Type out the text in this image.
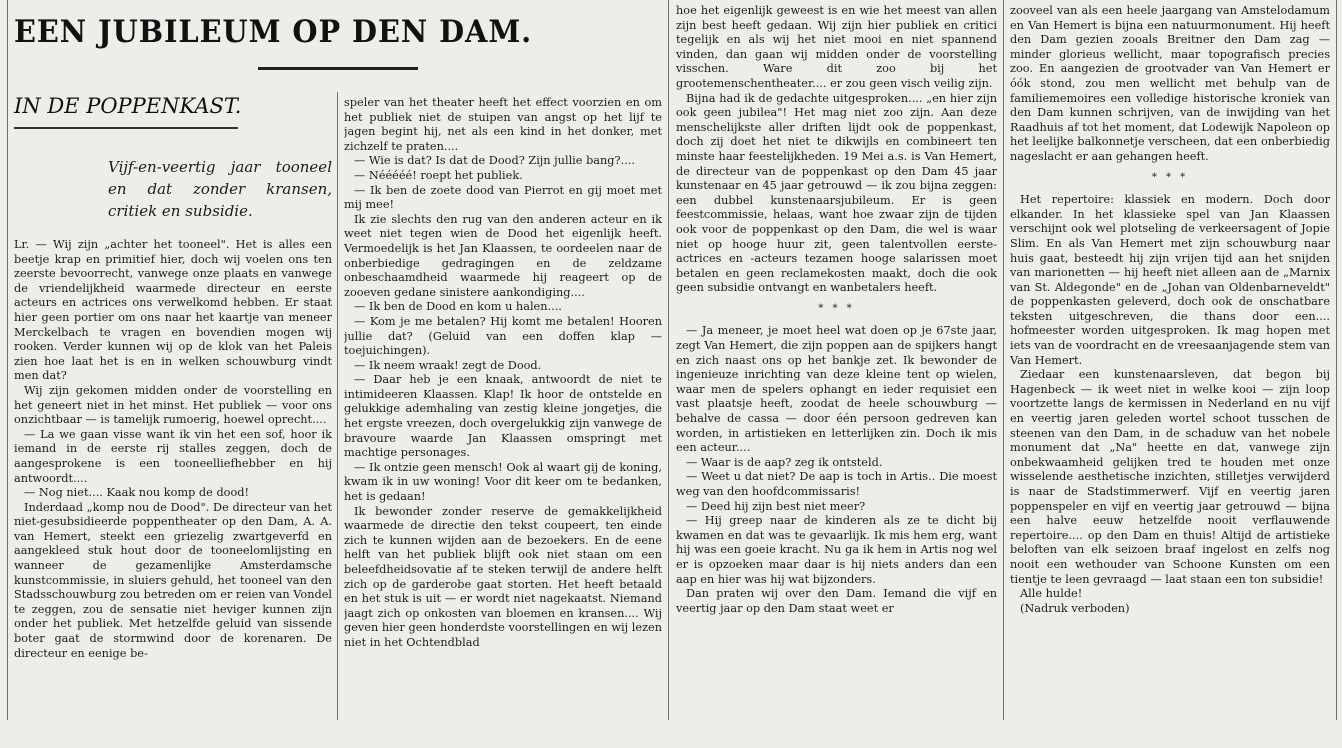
EEN JUBILEUM OP DEN DAM.
IN DE POPPENKAST.
Vijf-en-veertig jaar tooneel en dat zonder kransen, critiek en subsidie.

Lr. — Wij zijn „achter het tooneel". Het is alles een beetje krap en primitief hier, doch wij voelen ons ten zeerste bevoorrecht, vanwege onze plaats en vanwege de vriendelijkheid waarmede directeur en eerste acteurs en actrices ons verwelkomd hebben. Er staat hier geen portier om ons naar het kaartje van meneer Merckelbach te vragen en bovendien mogen wij rooken. Verder kunnen wij op de klok van het Paleis zien hoe laat het is en in welken schouwburg vindt men dat?

Wij zijn gekomen midden onder de voorstelling en het geneert niet in het minst. Het publiek — voor ons onzichtbaar — is tamelijk rumoerig, hoewel oprecht....

— La we gaan visse want ik vin het een sof, hoor ik iemand in de eerste rij stalles zeggen, doch de aangesprokene is een tooneelliefhebber en hij antwoordt....

— Nog niet.... Kaak nou komp de dood!

Inderdaad „komp nou de Dood". De directeur van het niet-gesubsidieerde poppentheater op den Dam, A. A. van Hemert, steekt een griezelig zwartgeverfd en aangekleed stuk hout door de tooneelomlijsting en wanneer de gezamenlijke Amsterdamsche kunstcommissie, in sluiers gehuld, het tooneel van den Stadsschouwburg zou betreden om er reien van Vondel te zeggen, zou de sensatie niet heviger kunnen zijn onder het publiek. Met hetzelfde geluid van sissende boter gaat de stormwind door de korenaren. De directeur en eenige be-

speler van het theater heeft het effect voorzien en om het publiek niet de stuipen van angst op het lijf te jagen begint hij, net als een kind in het donker, met zichzelf te praten....

— Wie is dat? Is dat de Dood? Zijn jullie bang?....

— Nééééé! roept het publiek.

— Ik ben de zoete dood van Pierrot en gij moet met mij mee!

Ik zie slechts den rug van den anderen acteur en ik weet niet tegen wien de Dood het eigenlijk heeft. Vermoedelijk is het Jan Klaassen, te oordeelen naar de onberbiedige gedragingen en de zeldzame onbeschaamdheid waarmede hij reageert op de zooeven gedane sinistere aankondiging....

— Ik ben de Dood en kom u halen....

— Kom je me betalen? Hij komt me betalen! Hooren jullie dat? (Geluid van een doffen klap — toejuichingen).

— Ik neem wraak! zegt de Dood.

— Daar heb je een knaak, antwoordt de niet te intimideeren Klaassen. Klap! Ik hoor de ontstelde en gelukkige ademhaling van zestig kleine jongetjes, die het ergste vreezen, doch overgelukkig zijn vanwege de bravoure waarde Jan Klaassen omspringt met machtige personages.

— Ik ontzie geen mensch! Ook al waart gij de koning, kwam ik in uw woning! Voor dit keer om te bedanken, het is gedaan!

Ik bewonder zonder reserve de gemakkelijkheid waarmede de directie den tekst coupeert, ten einde zich te kunnen wijden aan de bezoekers. En de eene helft van het publiek blijft ook niet staan om een beleefdheidsovatie af te steken terwijl de andere helft zich op de garderobe gaat storten. Het heeft betaald en het stuk is uit — er wordt niet nagekaatst. Niemand jaagt zich op onkosten van bloemen en kransen.... Wij geven hier geen honderdste voorstellingen en wij lezen niet in het Ochtendblad

hoe het eigenlijk geweest is en wie het meest van allen zijn best heeft gedaan. Wij zijn hier publiek en critici tegelijk en als wij het niet mooi en niet spannend vinden, dan gaan wij midden onder de voorstelling visschen. Ware dit zoo bij het grootemenschentheater.... er zou geen visch veilig zijn.

Bijna had ik de gedachte uitgesproken.... „en hier zijn ook geen jubilea"! Het mag niet zoo zijn. Aan deze menschelijkste aller driften lijdt ook de poppenkast, doch zij doet het niet te dikwijls en combineert ten minste haar feestelijkheden. 19 Mei a.s. is Van Hemert, de directeur van de poppenkast op den Dam 45 jaar kunstenaar en 45 jaar getrouwd — ik zou bijna zeggen: een dubbel kunstenaarsjubileum. Er is geen feestcommissie, helaas, want hoe zwaar zijn de tijden ook voor de poppenkast op den Dam, die wel is waar niet op hooge huur zit, geen talentvollen eerste-actrices en -acteurs tezamen hooge salarissen moet betalen en geen reclamekosten maakt, doch die ook geen subsidie ontvangt en wanbetalers heeft.

* * *

— Ja meneer, je moet heel wat doen op je 67ste jaar, zegt Van Hemert, die zijn poppen aan de spijkers hangt en zich naast ons op het bankje zet. Ik bewonder de ingenieuze inrichting van deze kleine tent op wielen, waar men de spelers ophangt en ieder requisiet een vast plaatsje heeft, zoodat de heele schouwburg — behalve de cassa — door één persoon gedreven kan worden, in artistieken en letterlijken zin. Doch ik mis een acteur....

— Waar is de aap? zeg ik ontsteld.

— Weet u dat niet? De aap is toch in Artis.. Die moest weg van den hoofdcommissaris!

— Deed hij zijn best niet meer?

— Hij greep naar de kinderen als ze te dicht bij kwamen en dat was te gevaarlijk. Ik mis hem erg, want hij was een goeie kracht. Nu ga ik hem in Artis nog wel er is opzoeken maar daar is hij niets anders dan een aap en hier was hij wat bijzonders.

Dan praten wij over den Dam. Iemand die vijf en veertig jaar op den Dam staat weet er

zooveel van als een heele jaargang van Amstelodamum en Van Hemert is bijna een natuurmonument. Hij heeft den Dam gezien zooals Breitner den Dam zag — minder glorieus wellicht, maar topografisch precies zoo. En aangezien de grootvader van Van Hemert er óók stond, zou men wellicht met behulp van de familiememoires een volledige historische kroniek van den Dam kunnen schrijven, van de inwijding van het Raadhuis af tot het moment, dat Lodewijk Napoleon op het leelijke balkonnetje verscheen, dat een onberbiedig nageslacht er aan gehangen heeft.

* * *

Het repertoire: klassiek en modern. Doch door elkander. In het klassieke spel van Jan Klaassen verschijnt ook wel plotseling de verkeersagent of Jopie Slim. En als Van Hemert met zijn schouwburg naar huis gaat, besteedt hij zijn vrijen tijd aan het snijden van marionetten — hij heeft niet alleen aan de „Marnix van St. Aldegonde" en de „Johan van Oldenbarneveldt" de poppenkasten geleverd, doch ook de onschatbare teksten uitgeschreven, die thans door een.... hofmeester worden uitgesproken. Ik mag hopen met iets van de voordracht en de vreesaanjagende stem van Van Hemert.

Ziedaar een kunstenaarsleven, dat begon bij Hagenbeck — ik weet niet in welke kooi — zijn loop voortzette langs de kermissen in Nederland en nu vijf en veertig jaren geleden wortel schoot tusschen de steenen van den Dam, in de schaduw van het nobele monument dat „Na" heette en dat, vanwege zijn onbekwaamheid gelijken tred te houden met onze wisselende aesthetische inzichten, stilletjes verwijderd is naar de Stadstimmerwerf. Vijf en veertig jaren poppenspeler en vijf en veertig jaar getrouwd — bijna een halve eeuw hetzelfde nooit verflauwende repertoire.... op den Dam en thuis! Altijd de artistieke beloften van elk seizoen braaf ingelost en zelfs nog nooit een wethouder van Schoone Kunsten om een tientje te leen gevraagd — laat staan een ton subsidie!

Alle hulde!

(Nadruk verboden)
